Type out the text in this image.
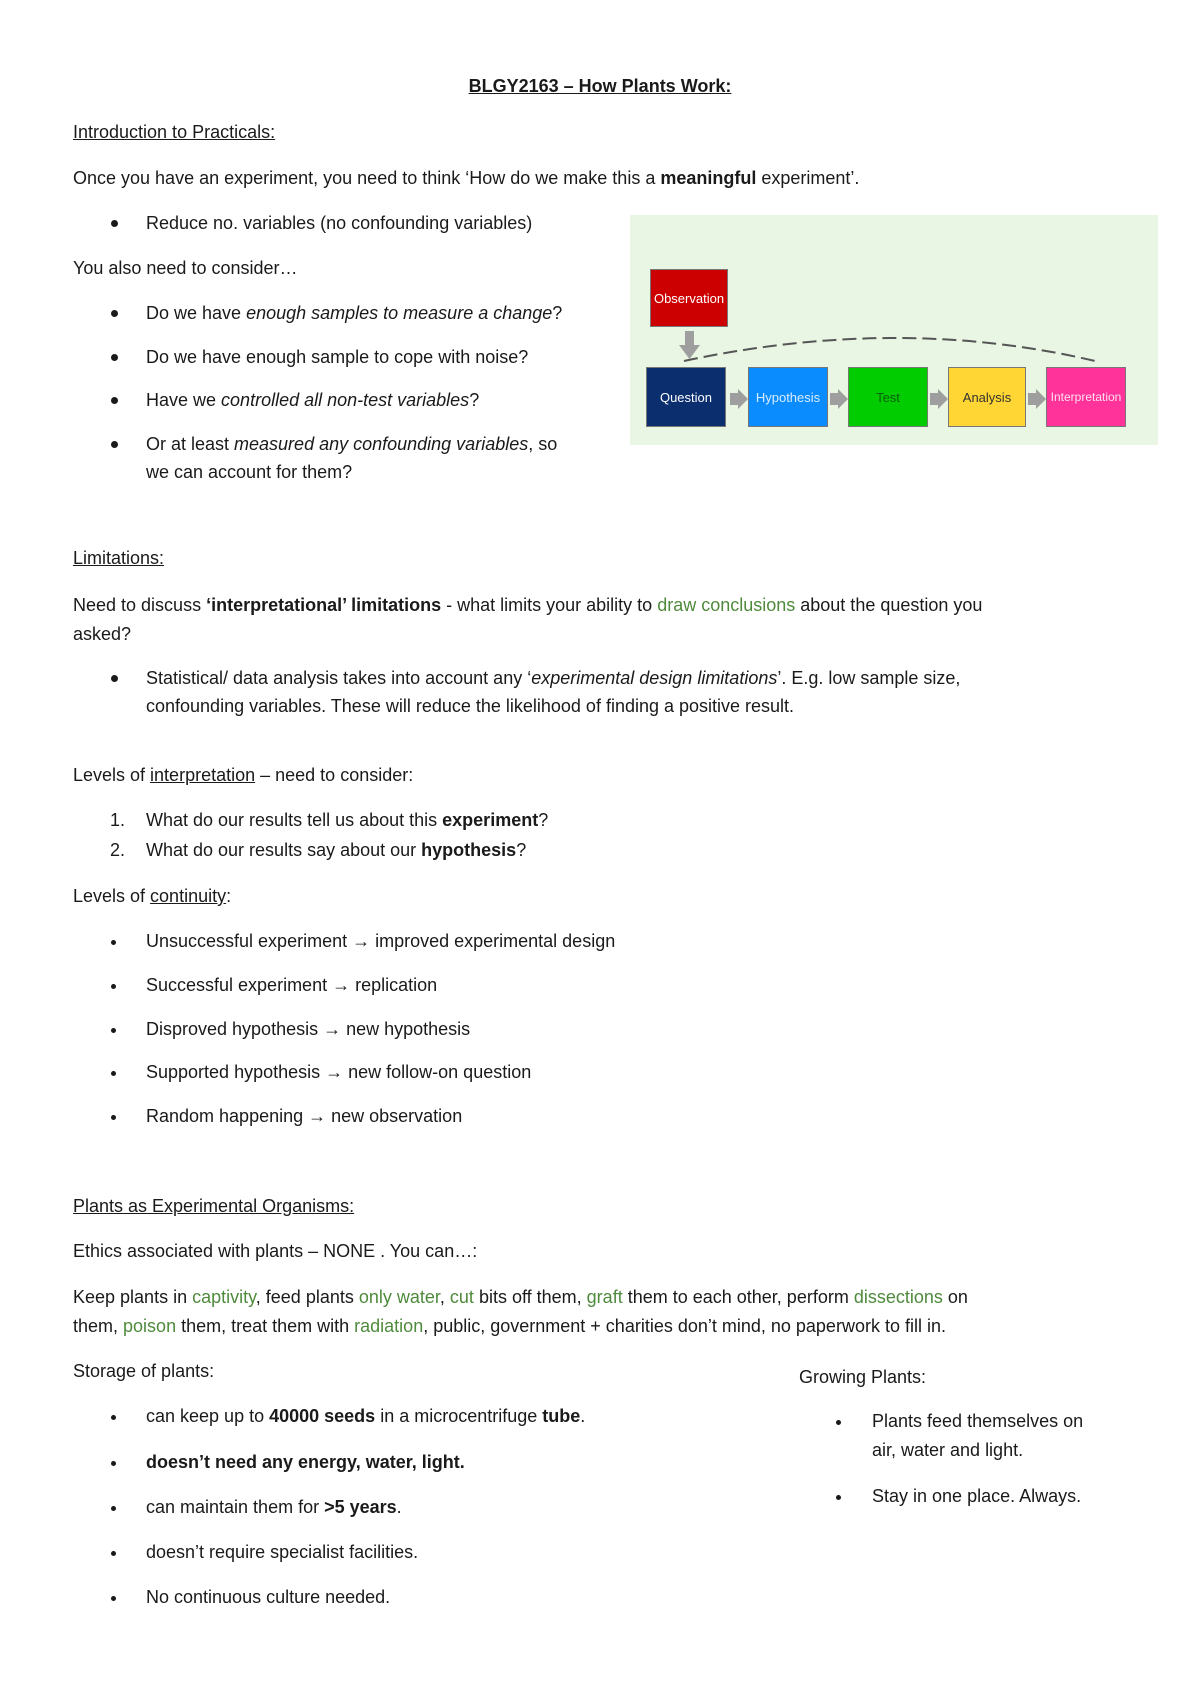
BLGY2163 – How Plants Work:

Introduction to Practicals:

Once you have an experiment, you need to think ‘How do we make this a meaningful experiment’.

Reduce no. variables (no confounding variables)

You also need to consider…

Do we have enough samples to measure a change?

Do we have enough sample to cope with noise?

Have we controlled all non-test variables?

Or at least measured any confounding variables, so

we can account for them?

Observation
Question	Hypothesis	Test	Analysis	Interpretation

Limitations:

Need to discuss ‘interpretational’ limitations - what limits your ability to draw conclusions about the question you

asked?

Statistical/ data analysis takes into account any ‘experimental design limitations’. E.g. low sample size,

confounding variables. These will reduce the likelihood of finding a positive result.

Levels of interpretation – need to consider:

1. What do our results tell us about this experiment?

2. What do our results say about our hypothesis?

Levels of continuity:

Unsuccessful experiment → improved experimental design

Successful experiment → replication

Disproved hypothesis → new hypothesis

Supported hypothesis → new follow-on question

Random happening → new observation

Plants as Experimental Organisms:

Ethics associated with plants – NONE . You can…:

Keep plants in captivity, feed plants only water, cut bits off them, graft them to each other, perform dissections on

them, poison them, treat them with radiation, public, government + charities don’t mind, no paperwork to fill in.

Storage of plants:

can keep up to 40000 seeds in a microcentrifuge tube.

doesn’t need any energy, water, light.

can maintain them for >5 years.

doesn’t require specialist facilities.

No continuous culture needed.

Growing Plants:

Plants feed themselves on

air, water and light.

Stay in one place. Always.
